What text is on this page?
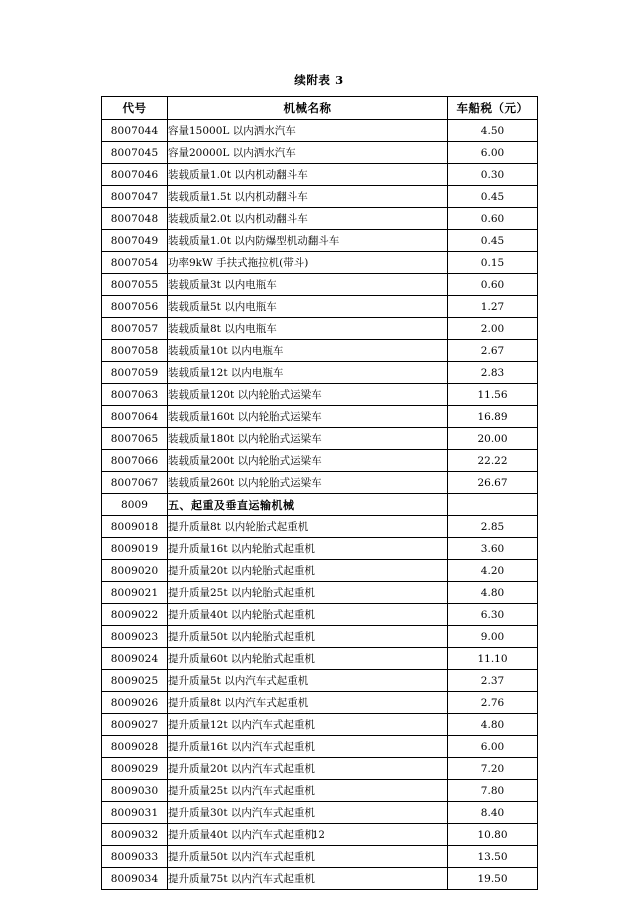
续附表 3
代号	机械名称	车船税（元）
8007044	容量15000L 以内洒水汽车	4.50
8007045	容量20000L 以内洒水汽车	6.00
8007046	装载质量1.0t 以内机动翻斗车	0.30
8007047	装载质量1.5t 以内机动翻斗车	0.45
8007048	装载质量2.0t 以内机动翻斗车	0.60
8007049	装载质量1.0t 以内防爆型机动翻斗车	0.45
8007054	功率9kW 手扶式拖拉机(带斗)	0.15
8007055	装载质量3t 以内电瓶车	0.60
8007056	装载质量5t 以内电瓶车	1.27
8007057	装载质量8t 以内电瓶车	2.00
8007058	装载质量10t 以内电瓶车	2.67
8007059	装载质量12t 以内电瓶车	2.83
8007063	装载质量120t 以内轮胎式运梁车	11.56
8007064	装载质量160t 以内轮胎式运梁车	16.89
8007065	装载质量180t 以内轮胎式运梁车	20.00
8007066	装载质量200t 以内轮胎式运梁车	22.22
8007067	装载质量260t 以内轮胎式运梁车	26.67
8009	五、起重及垂直运输机械	
8009018	提升质量8t 以内轮胎式起重机	2.85
8009019	提升质量16t 以内轮胎式起重机	3.60
8009020	提升质量20t 以内轮胎式起重机	4.20
8009021	提升质量25t 以内轮胎式起重机	4.80
8009022	提升质量40t 以内轮胎式起重机	6.30
8009023	提升质量50t 以内轮胎式起重机	9.00
8009024	提升质量60t 以内轮胎式起重机	11.10
8009025	提升质量5t 以内汽车式起重机	2.37
8009026	提升质量8t 以内汽车式起重机	2.76
8009027	提升质量12t 以内汽车式起重机	4.80
8009028	提升质量16t 以内汽车式起重机	6.00
8009029	提升质量20t 以内汽车式起重机	7.20
8009030	提升质量25t 以内汽车式起重机	7.80
8009031	提升质量30t 以内汽车式起重机	8.40
8009032	提升质量40t 以内汽车式起重机	10.80
8009033	提升质量50t 以内汽车式起重机	13.50
8009034	提升质量75t 以内汽车式起重机	19.50
12
